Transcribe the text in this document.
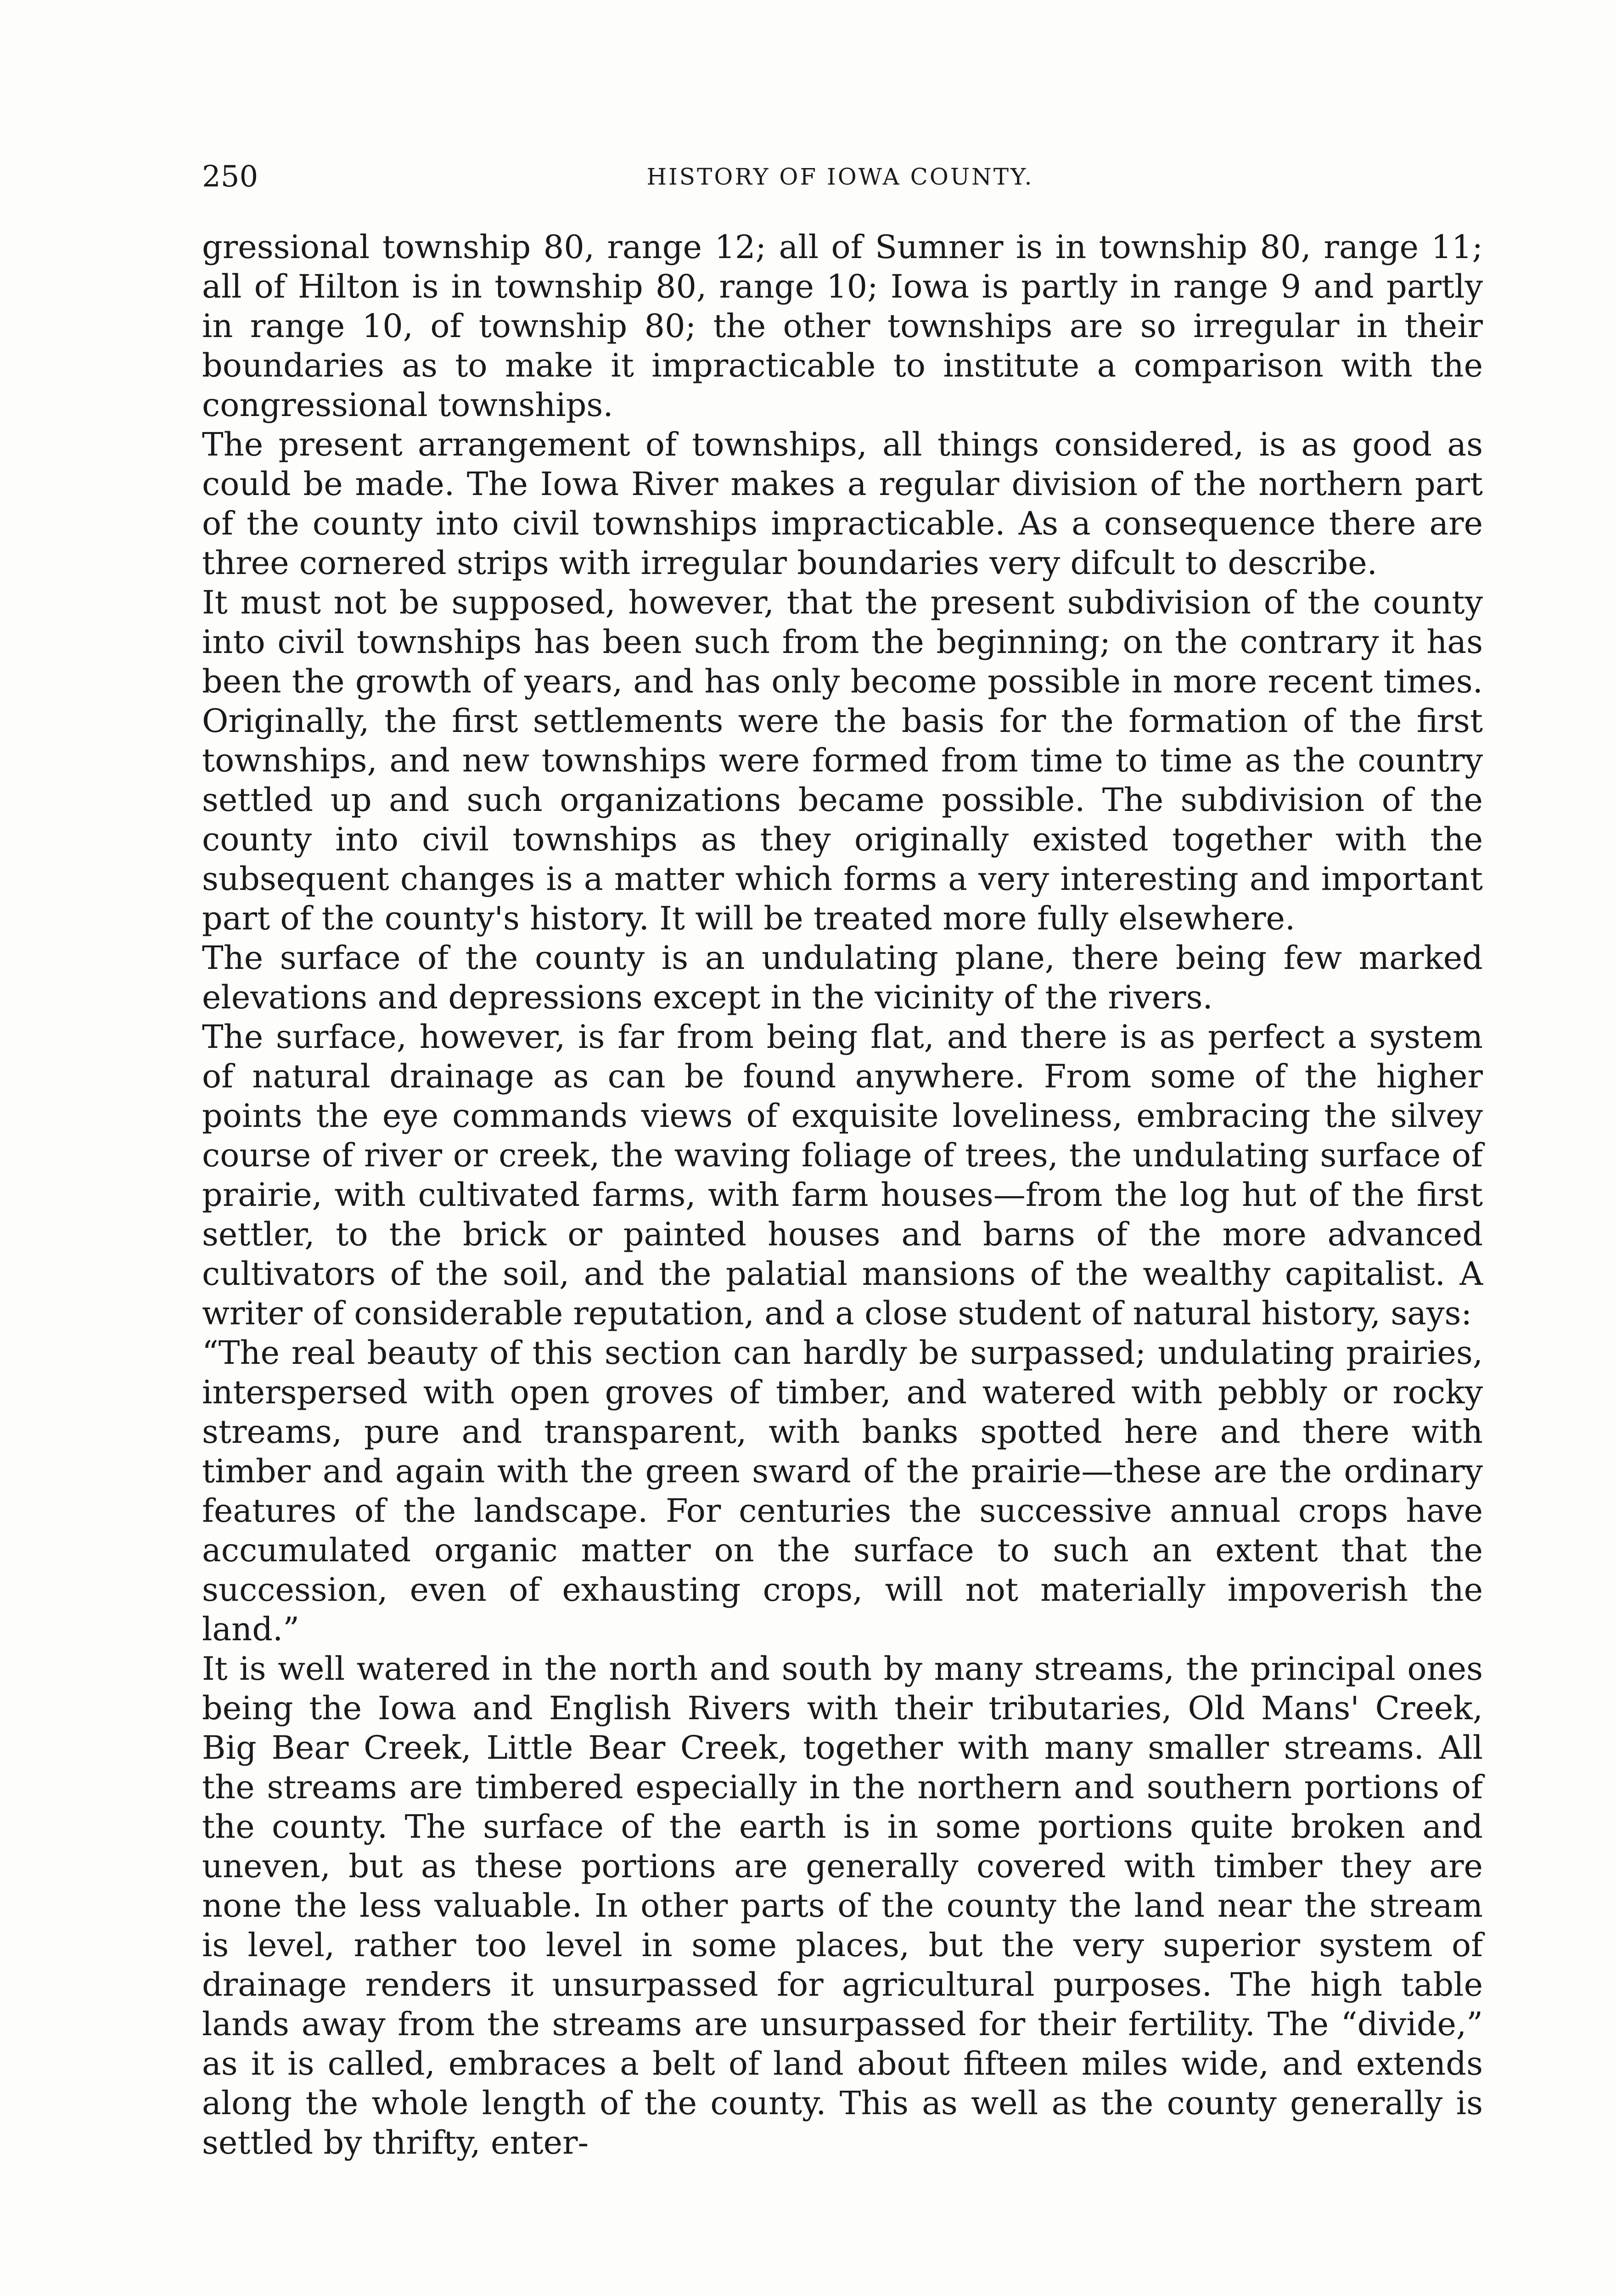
250	HISTORY OF IOWA COUNTY.

gressional township 80, range 12; all of Sumner is in township 80, range 11; all of Hilton is in township 80, range 10; Iowa is partly in range 9 and partly in range 10, of township 80; the other townships are so irregular in their boundaries as to make it impracticable to institute a comparison with the congressional townships.

The present arrangement of townships, all things considered, is as good as could be made. The Iowa River makes a regular division of the northern part of the county into civil townships impracticable. As a consequence there are three cornered strips with irregular boundaries very difcult to describe.

It must not be supposed, however, that the present subdivision of the county into civil townships has been such from the beginning; on the contrary it has been the growth of years, and has only become possible in more recent times. Originally, the first settlements were the basis for the formation of the first townships, and new townships were formed from time to time as the country settled up and such organizations became possible. The subdivision of the county into civil townships as they originally existed together with the subsequent changes is a matter which forms a very interesting and important part of the county's history. It will be treated more fully elsewhere.

The surface of the county is an undulating plane, there being few marked elevations and depressions except in the vicinity of the rivers.

The surface, however, is far from being flat, and there is as perfect a system of natural drainage as can be found anywhere. From some of the higher points the eye commands views of exquisite loveliness, embracing the silvey course of river or creek, the waving foliage of trees, the undulating surface of prairie, with cultivated farms, with farm houses—from the log hut of the first settler, to the brick or painted houses and barns of the more advanced cultivators of the soil, and the palatial mansions of the wealthy capitalist. A writer of considerable reputation, and a close student of natural history, says:

“The real beauty of this section can hardly be surpassed; undulating prairies, interspersed with open groves of timber, and watered with pebbly or rocky streams, pure and transparent, with banks spotted here and there with timber and again with the green sward of the prairie—these are the ordinary features of the landscape. For centuries the successive annual crops have accumulated organic matter on the surface to such an extent that the succession, even of exhausting crops, will not materially impoverish the land.”

It is well watered in the north and south by many streams, the principal ones being the Iowa and English Rivers with their tributaries, Old Mans' Creek, Big Bear Creek, Little Bear Creek, together with many smaller streams. All the streams are timbered especially in the northern and southern portions of the county. The surface of the earth is in some portions quite broken and uneven, but as these portions are generally covered with timber they are none the less valuable. In other parts of the county the land near the stream is level, rather too level in some places, but the very superior system of drainage renders it unsurpassed for agricultural purposes. The high table lands away from the streams are unsurpassed for their fertility. The “divide,” as it is called, embraces a belt of land about fifteen miles wide, and extends along the whole length of the county. This as well as the county generally is settled by thrifty, enter-
